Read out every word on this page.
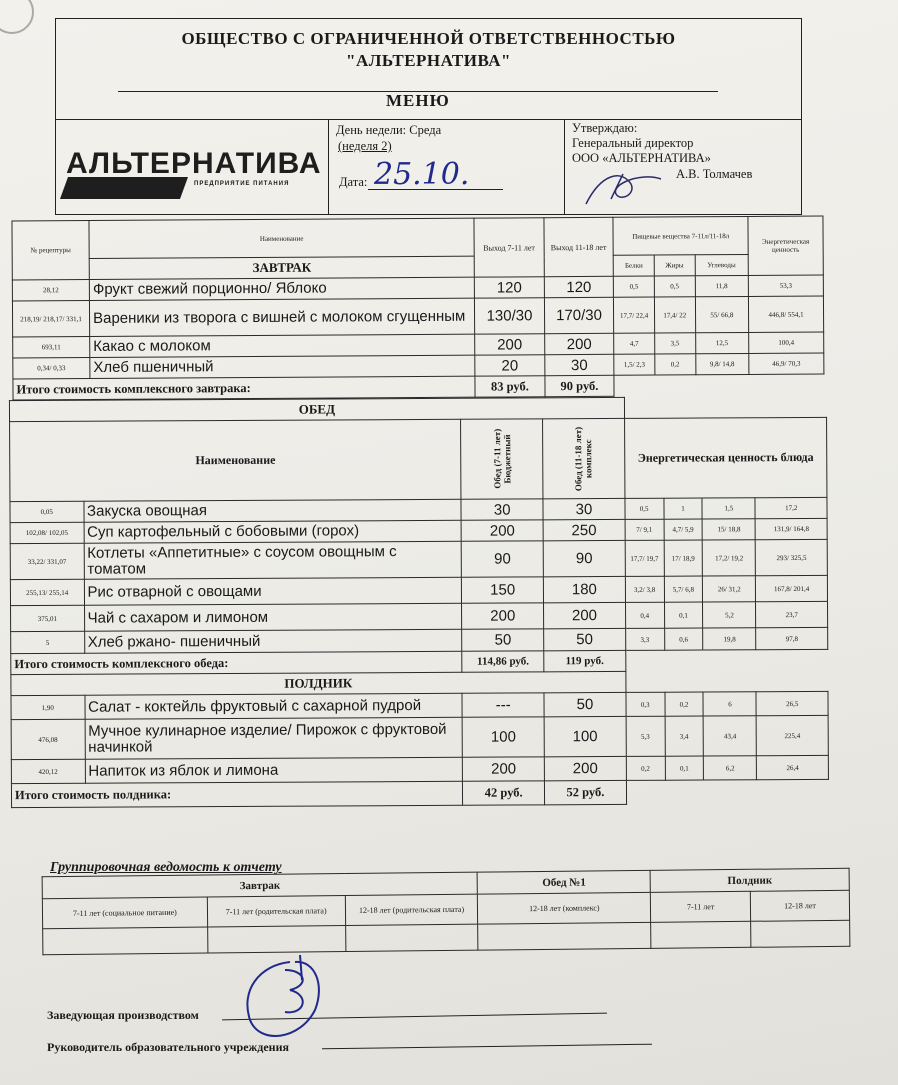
ОБЩЕСТВО С ОГРАНИЧЕННОЙ ОТВЕТСТВЕННОСТЬЮ
"АЛЬТЕРНАТИВА"
МЕНЮ
АЛЬТЕРНАТИВА
ПРЕДПРИЯТИЕ ПИТАНИЯ
День недели: Среда
(неделя 2)
Дата: 25.10.
Утверждаю:
Генеральный директор
ООО «АЛЬТЕРНАТИВА»
А.В. Толмачев
№ рецептуры	Наименование	Выход 7-11 лет	Выход 11-18 лет	Пищевые вещества 7-11л/11-18л			Энергетическая ценность
	ЗАВТРАК			Белки	Жиры	Углеводы	
28,12	Фрукт свежий порционно/ Яблоко	120	120	0,5	0,5	11,8	53,3
218,19/ 218,17/ 331,1	Вареники из творога с вишней с молоком сгущенным	130/30	170/30	17,7/ 22,4	17,4/ 22	55/ 66,8	446,8/ 554,1
693,11	Какао с молоком	200	200	4,7	3,5	12,5	100,4
0,34/ 0,33	Хлеб пшеничный	20	30	1,5/ 2,3	0,2	9,8/ 14,8	46,9/ 70,3
Итого стоимость комплексного завтрака:		83 руб.	90 руб.				
ОБЕД							
Наименование		Обед (7-11 лет) Бюджетный	Обед (11-18 лет) комплекс	Энергетическая ценность блюда			
0,05	Закуска овощная	30	30	0,5	1	1,5	17,2
102,08/ 102,05	Суп картофельный с бобовыми (горох)	200	250	7/ 9,1	4,7/ 5,9	15/ 18,8	131,9/ 164,8
33,22/ 331,07	Котлеты «Аппетитные» с соусом овощным с томатом	90	90	17,7/ 19,7	17/ 18,9	17,2/ 19,2	293/ 325,5
255,13/ 255,14	Рис отварной с овощами	150	180	3,2/ 3,8	5,7/ 6,8	26/ 31,2	167,8/ 201,4
375,01	Чай с сахаром и лимоном	200	200	0,4	0,1	5,2	23,7
5	Хлеб ржано- пшеничный	50	50	3,3	0,6	19,8	97,8
Итого стоимость комплексного обеда:		114,86 руб.	119 руб.				
ПОЛДНИК							
1,90	Салат - коктейль фруктовый с сахарной пудрой	---	50	0,3	0,2	6	26,5
476,08	Мучное кулинарное изделие/ Пирожок с фруктовой начинкой	100	100	5,3	3,4	43,4	225,4
420,12	Напиток из яблок и лимона	200	200	0,2	0,1	6,2	26,4
Итого стоимость полдника:		42 руб.	52 руб.				
Группировочная ведомость к отчету
Завтрак			Обед №1	Полдник	
7-11 лет (социальное питание)	7-11 лет (родительская плата)	12-18 лет (родительская плата)	12-18 лет (комплекс)	7-11 лет	12-18 лет

Заведующая производством
Руководитель образовательного учреждения
